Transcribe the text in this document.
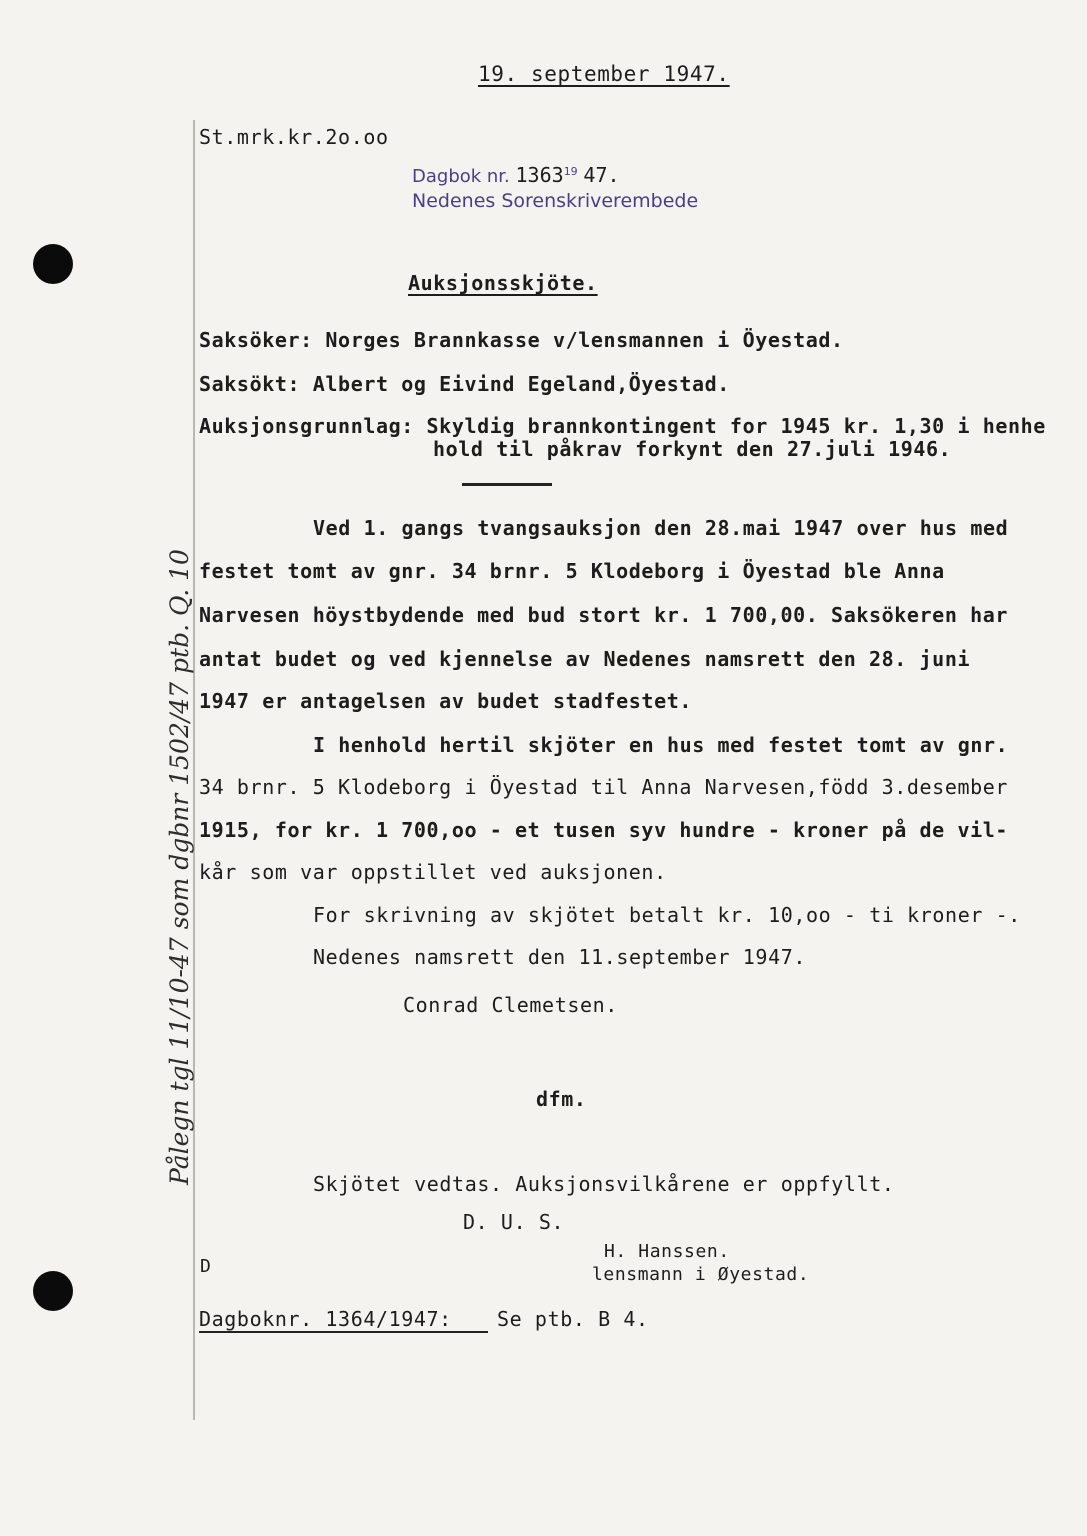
19. september 1947.
St.mrk.kr.2o.oo
Dagbok nr. 1363$^{19}$ 47.
Nedenes Sorenskriverembede
Auksjonsskjöte.
Saksöker: Norges Brannkasse v/lensmannen i Öyestad.
Saksökt: Albert og Eivind Egeland,Öyestad.
Auksjonsgrunnlag: Skyldig brannkontingent for 1945 kr. 1,30 i henhe
hold til påkrav forkynt den 27.juli 1946.
Ved 1. gangs tvangsauksjon den 28.mai 1947 over hus med
festet tomt av gnr. 34 brnr. 5 Klodeborg i Öyestad ble Anna
Narvesen höystbydende med bud stort kr. 1 700,00. Saksökeren har
antat budet og ved kjennelse av Nedenes namsrett den 28. juni
1947 er antagelsen av budet stadfestet.
I henhold hertil skjöter en hus med festet tomt av gnr.
34 brnr. 5 Klodeborg i Öyestad til Anna Narvesen,född 3.desember
1915, for kr. 1 700,oo - et tusen syv hundre - kroner på de vil-
kår som var oppstillet ved auksjonen.
For skrivning av skjötet betalt kr. 10,oo - ti kroner -.
Nedenes namsrett den 11.september 1947.
Conrad Clemetsen.
dfm.
Skjötet vedtas. Auksjonsvilkårene er oppfyllt.
D. U. S.
H. Hanssen.
lensmann i Øyestad.
D
Dagboknr. 1364/1947: Se ptb. B 4.
Pålegn tgl 11/10-47 som dgbnr 1502/47 ptb. Q. 10
